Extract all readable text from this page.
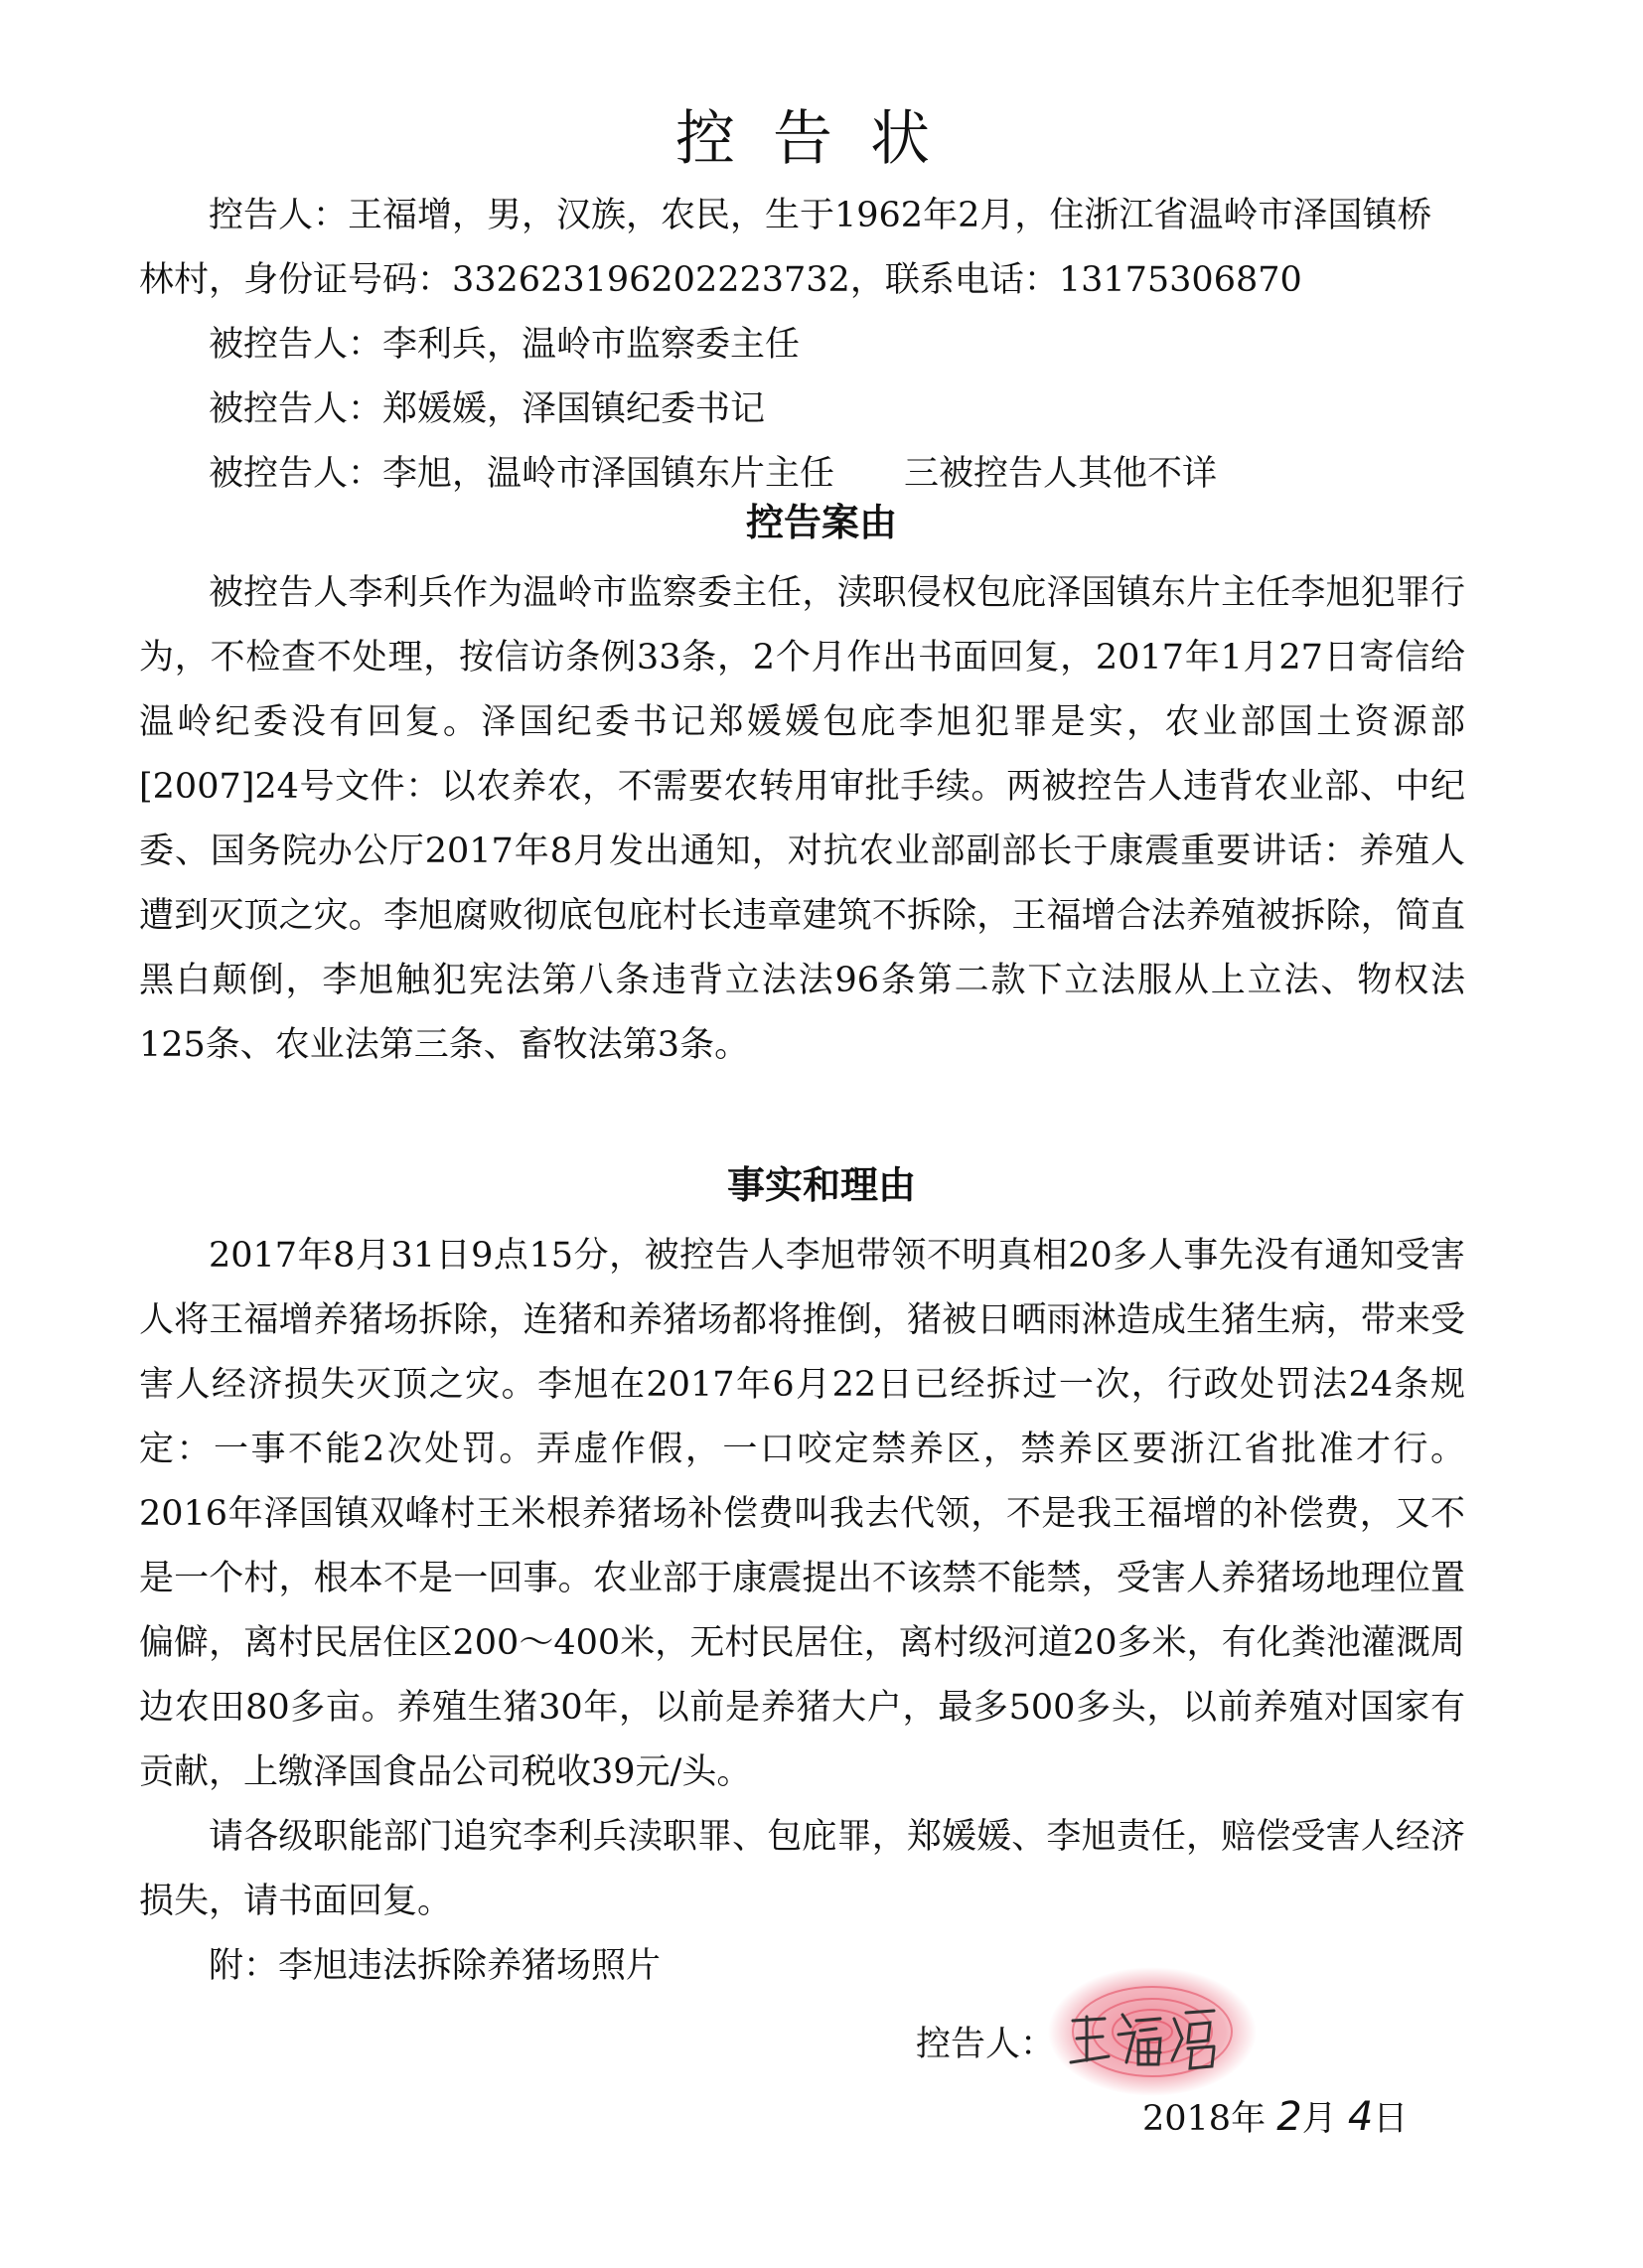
控告状

控告人：王福增，男，汉族，农民，生于1962年2月，住浙江省温岭市泽国镇桥林村，身份证号码：332623196202223732，联系电话：13175306870

被控告人：李利兵，温岭市监察委主任

被控告人：郑媛媛，泽国镇纪委书记

被控告人：李旭，温岭市泽国镇东片主任　　三被控告人其他不详

控告案由

被控告人李利兵作为温岭市监察委主任，渎职侵权包庇泽国镇东片主任李旭犯罪行为，不检查不处理，按信访条例33条，2个月作出书面回复，2017年1月27日寄信给温岭纪委没有回复。泽国纪委书记郑媛媛包庇李旭犯罪是实，农业部国土资源部[2007]24号文件：以农养农，不需要农转用审批手续。两被控告人违背农业部、中纪委、国务院办公厅2017年8月发出通知，对抗农业部副部长于康震重要讲话：养殖人遭到灭顶之灾。李旭腐败彻底包庇村长违章建筑不拆除，王福增合法养殖被拆除，简直黑白颠倒，李旭触犯宪法第八条违背立法法96条第二款下立法服从上立法、物权法125条、农业法第三条、畜牧法第3条。

事实和理由

2017年8月31日9点15分，被控告人李旭带领不明真相20多人事先没有通知受害人将王福增养猪场拆除，连猪和养猪场都将推倒，猪被日晒雨淋造成生猪生病，带来受害人经济损失灭顶之灾。李旭在2017年6月22日已经拆过一次，行政处罚法24条规定：一事不能2次处罚。弄虚作假，一口咬定禁养区，禁养区要浙江省批准才行。2016年泽国镇双峰村王米根养猪场补偿费叫我去代领，不是我王福增的补偿费，又不是一个村，根本不是一回事。农业部于康震提出不该禁不能禁，受害人养猪场地理位置偏僻，离村民居住区200～400米，无村民居住，离村级河道20多米，有化粪池灌溉周边农田80多亩。养殖生猪30年，以前是养猪大户，最多500多头，以前养殖对国家有贡献，上缴泽国食品公司税收39元/头。

请各级职能部门追究李利兵渎职罪、包庇罪，郑媛媛、李旭责任，赔偿受害人经济损失，请书面回复。

附：李旭违法拆除养猪场照片

控告人：
2018年 2月 4日
